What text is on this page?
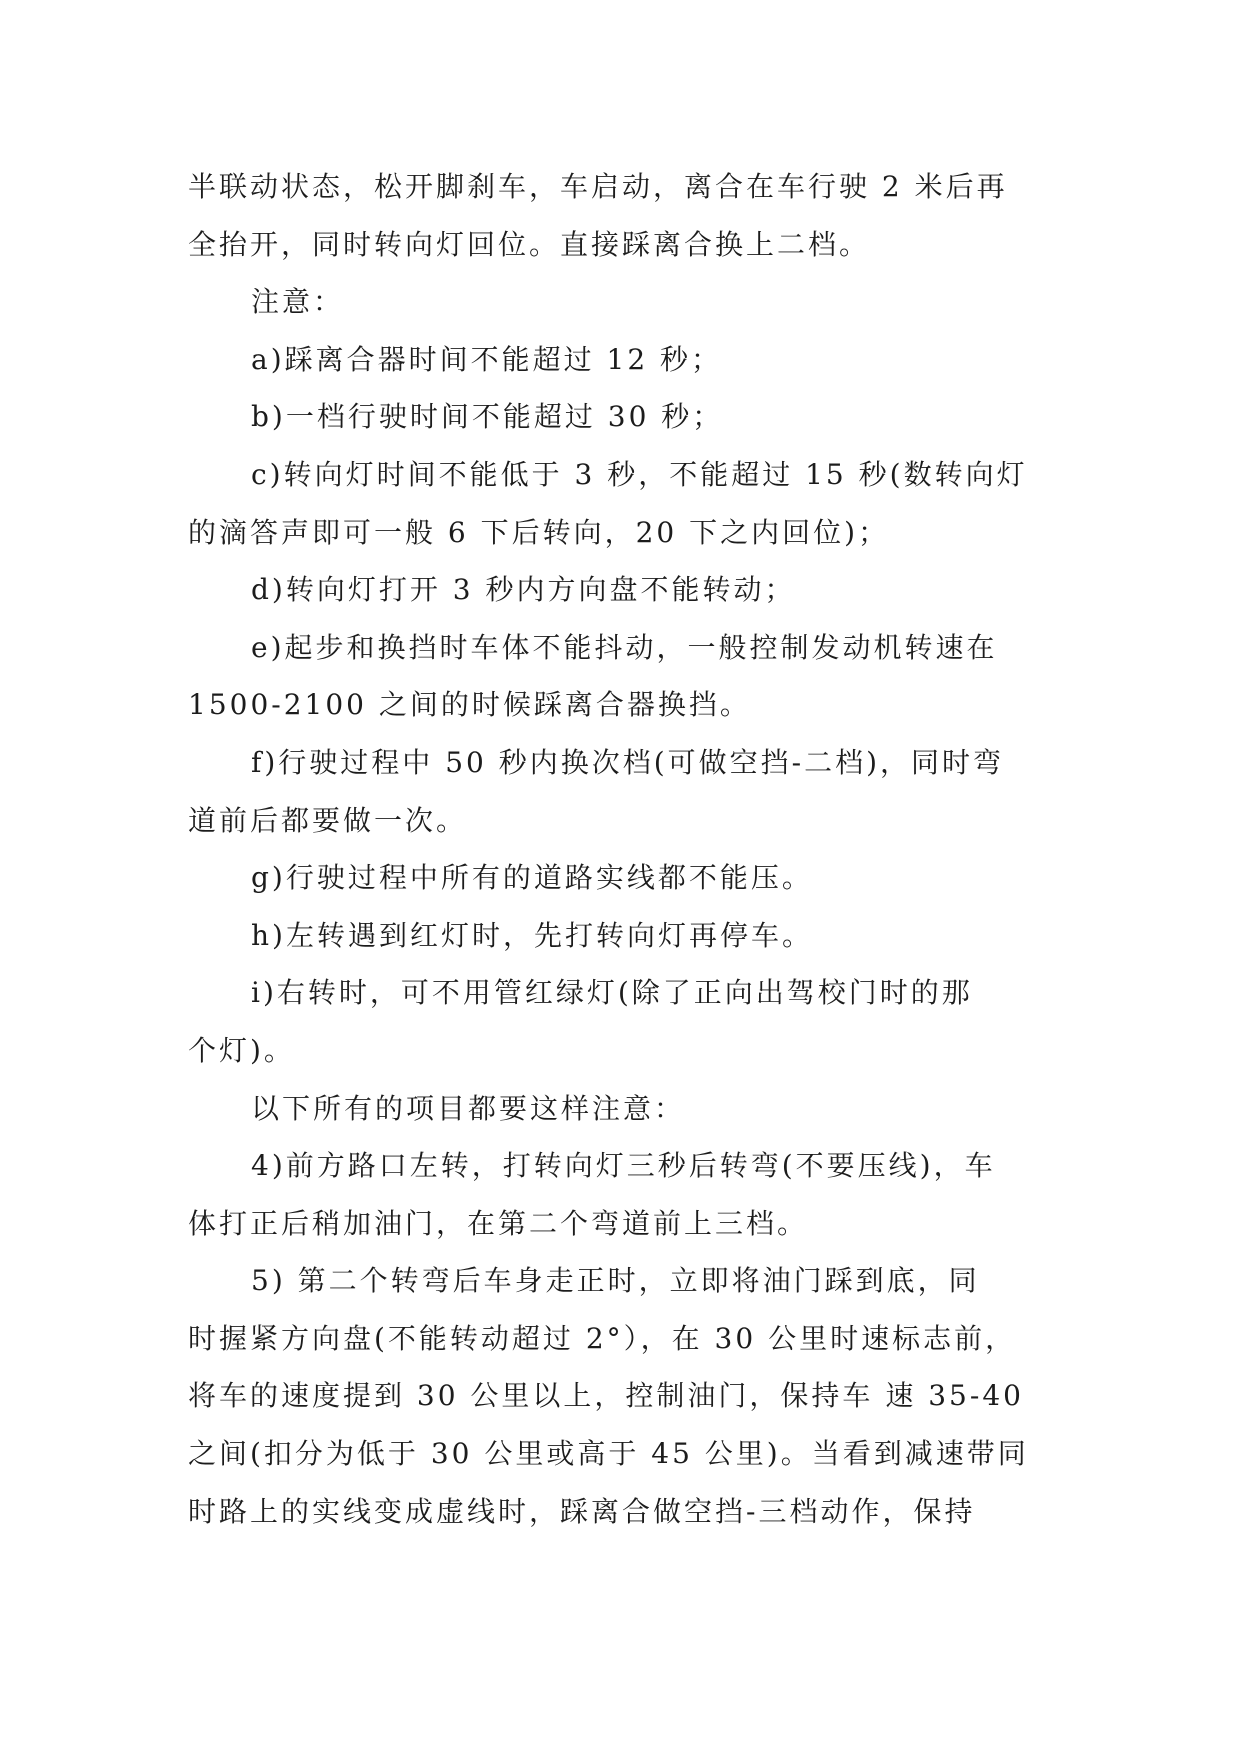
半联动状态，松开脚刹车，车启动，离合在车行驶 2 米后再
全抬开，同时转向灯回位。直接踩离合换上二档。
注意：
a)踩离合器时间不能超过 12 秒；
b)一档行驶时间不能超过 30 秒；
c)转向灯时间不能低于 3 秒，不能超过 15 秒(数转向灯
的滴答声即可一般 6 下后转向，20 下之内回位)；
d)转向灯打开 3 秒内方向盘不能转动；
e)起步和换挡时车体不能抖动，一般控制发动机转速在
1500-2100 之间的时候踩离合器换挡。
f)行驶过程中 50 秒内换次档(可做空挡-二档)，同时弯
道前后都要做一次。
g)行驶过程中所有的道路实线都不能压。
h)左转遇到红灯时，先打转向灯再停车。
i)右转时，可不用管红绿灯(除了正向出驾校门时的那
个灯)。
以下所有的项目都要这样注意：
4)前方路口左转，打转向灯三秒后转弯(不要压线)，车
体打正后稍加油门，在第二个弯道前上三档。
5) 第二个转弯后车身走正时，立即将油门踩到底，同
时握紧方向盘(不能转动超过 2°），在 30 公里时速标志前，
将车的速度提到 30 公里以上，控制油门，保持车 速 35-40
之间(扣分为低于 30 公里或高于 45 公里)。当看到减速带同
时路上的实线变成虚线时，踩离合做空挡-三档动作，保持
